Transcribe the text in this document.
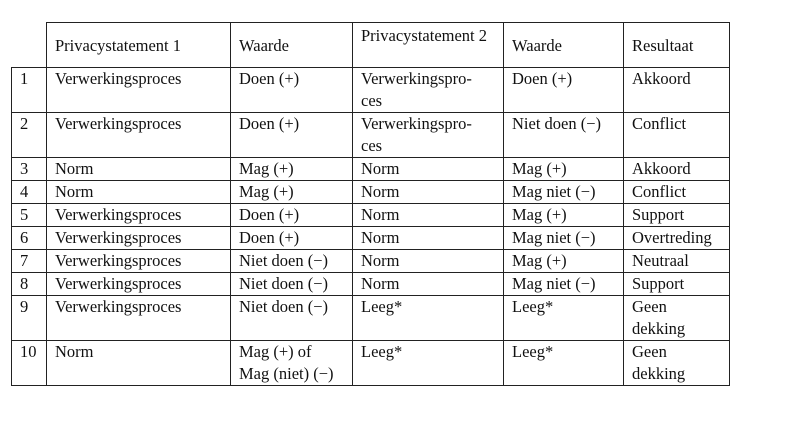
	Privacystatement 1	Waarde	Privacystatement 2	Waarde	Resultaat
1	Verwerkingsproces	Doen (+)	Verwerkingspro-
ces	Doen (+)	Akkoord
2	Verwerkingsproces	Doen (+)	Verwerkingspro-
ces	Niet doen (−)	Conflict
3	Norm	Mag (+)	Norm	Mag (+)	Akkoord
4	Norm	Mag (+)	Norm	Mag niet (−)	Conflict
5	Verwerkingsproces	Doen (+)	Norm	Mag (+)	Support
6	Verwerkingsproces	Doen (+)	Norm	Mag niet (−)	Overtreding
7	Verwerkingsproces	Niet doen (−)	Norm	Mag (+)	Neutraal
8	Verwerkingsproces	Niet doen (−)	Norm	Mag niet (−)	Support
9	Verwerkingsproces	Niet doen (−)	Leeg*	Leeg*	Geen
dekking
10	Norm	Mag (+) of
Mag (niet) (−)	Leeg*	Leeg*	Geen
dekking
